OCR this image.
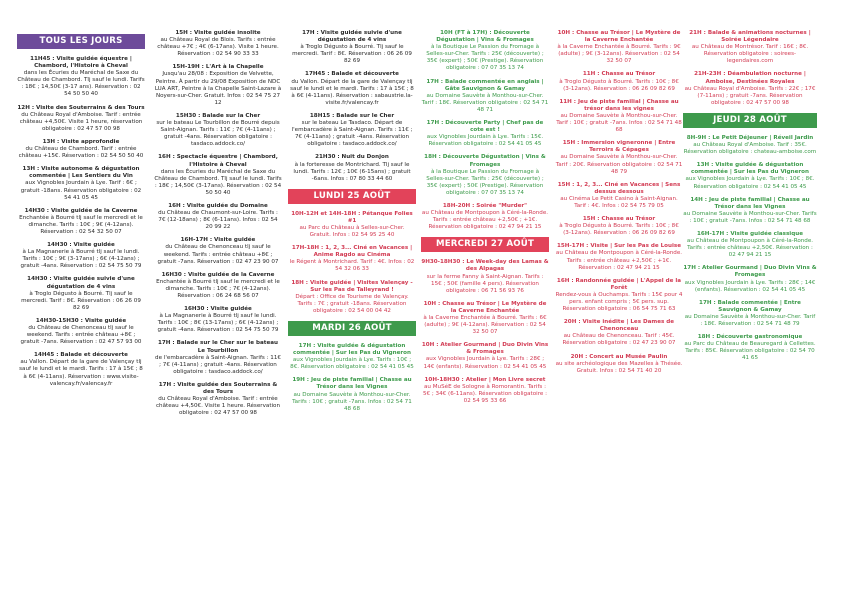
TOUS LES JOURS
11H45 : Visite guidée équestre | Chambord, l'Histoire à Cheval
dans les Écuries du Maréchal de Saxe du Château de Chambord. Tlj sauf le lundi. Tarifs : 18€ ; 14,50€ (3-17 ans). Réservation : 02 54 50 50 40
12H : Visite des Souterrains & des Tours
du Château Royal d'Amboise. Tarif : entrée château +4,50€. Visite 1 heure, réservation obligatoire : 02 47 57 00 98
13H : Visite approfondie
du Château de Chambord. Tarif : entrée château +15€. Réservation : 02 54 50 50 40
13H : Visite autonome & dégustation commentée | Les Sentiers du Vin
aux Vignobles Jourdain à Lye. Tarif : 6€ ; gratuit -18ans. Réservation obligatoire : 02 54 41 05 45
14H30 : Visite guidée de la Caverne
Enchantée à Bourré tlj sauf le mercredi et le dimanche. Tarifs : 10€ ; 9€ (4-12ans). Réservation : 02 54 32 50 07
14H30 : Visite guidée
à La Magnanerie à Bourré tlj sauf le lundi. Tarifs : 10€ ; 9€ (3-17ans) ; 6€ (4-12ans) ; gratuit -4ans. Réservation : 02 54 75 50 79
14H30 : Visite guidée suivie d'une dégustation de 4 vins
à Troglo Dégusto à Bourré. Tlj sauf le mercredi. Tarif : 8€. Réservation : 06 26 09 82 69
14H30-15H30 : Visite guidée
du Château de Chenonceau tlj sauf le weekend. Tarifs : entrée château +8€ ; gratuit -7ans. Réservation : 02 47 57 93 00
14H45 : Balade et découverte
au Vallon. Départ de la gare de Valençay tlj sauf le lundi et le mardi. Tarifs : 17 à 15€ ; 8 à 6€ (4-11ans). Réservation : www.visite-valencay.fr/valencay.fr
15H : Visite guidée insolite
au Château Royal de Blois. Tarifs : entrée château +7€ ; 4€ (6-17ans). Visite 1 heure. Réservation : 02 54 90 33 33
15H-19H : L'Art à la Chapelle
Jusqu'au 28/08 : Exposition de Velvette, Peintre. À partir du 29/08 Exposition de NDC LUA ART, Peintre à la Chapelle Saint-Lazare à Noyers-sur-Cher. Gratuit. Infos : 02 54 75 27 12
15H30 : Balade sur la Cher
sur le bateau Le Tourbillon de Bourré depuis Saint-Aignan. Tarifs : 11€ ; 7€ (4-11ans) ; gratuit -4ans. Réservation obligatoire : tasdaco.addock.co/
16H : Spectacle équestre | Chambord, l'Histoire à Cheval
dans les Écuries du Maréchal de Saxe du Château de Chambord. Tlj sauf le lundi. Tarifs : 18€ ; 14,50€ (3-17ans). Réservation : 02 54 50 50 40
16H : Visite guidée du Domaine
du Château de Chaumont-sur-Loire. Tarifs : 7€ (12-18ans) ; 8€ (6-11ans). Infos : 02 54 20 99 22
16H-17H : Visite guidée
du Château de Chenonceau tlj sauf le weekend. Tarifs : entrée château +8€ ; gratuit -7ans. Réservation : 02 47 23 90 07
16H30 : Visite guidée de la Caverne
Enchantée à Bourré tlj sauf le mercredi et le dimanche. Tarifs : 10€ ; 7€ (4-12ans). Réservation : 06 24 68 56 07
16H30 : Visite guidée
à La Magnanerie à Bourré tlj sauf le lundi. Tarifs : 10€ ; 8€ (13-17ans) ; 6€ (4-12ans) ; gratuit -4ans. Réservation : 02 54 75 50 79
17H : Balade sur le Cher sur le bateau Le Tourbillon
de l'embarcadère à Saint-Aignan. Tarifs : 11€ ; 7€ (4-11ans) ; gratuit -4ans. Réservation obligatoire : tasdaco.addock.co/
17H : Visite guidée des Souterrains & des Tours
du Château Royal d'Amboise. Tarif : entrée château +4,50€. Visite 1 heure. Réservation obligatoire : 02 47 57 00 98
17H : Visite guidée suivie d'une dégustation de 4 vins
à Troglo Dégusto à Bourré. Tlj sauf le mercredi. Tarif : 8€. Réservation : 06 26 09 82 69
17H45 : Balade et découverte
du Vallon. Départ de la gare de Valençay tlj sauf le lundi et le mardi. Tarifs : 17 à 15€ ; 8 à 6€ (4-11ans). Réservation : sabaustrie.la-visite.fr/valencay.fr
18H15 : Balade sur le Cher
sur le bateau Le Tasdaco. Départ de l'embarcadère à Saint-Aignan. Tarifs : 11€ ; 7€ (4-11ans) ; gratuit -4ans. Réservation obligatoire : tasdaco.addock.co/
21H30 : Nuit du Donjon
à la forteresse de Montrichard. Tlj sauf le lundi. Tarifs : 12€ ; 10€ (6-15ans) ; gratuit -6ans. Infos : 07 80 33 44 60
LUNDI 25 AOÛT
10H-12H et 14H-18H : Pétanque Folies #1
au Parc du Château à Selles-sur-Cher. Gratuit. Infos : 02 54 95 25 40
17H-18H : 1, 2, 3... Ciné en Vacances | Anime Ragdo au Cinéma
le Régent à Montrichard. Tarif : 4€. Infos : 02 54 32 06 33
18H : Visite guidée | Visites Valençay - Sur les Pas de Talleyrand !
Départ : Office de Tourisme de Valençay. Tarifs : 7€ ; gratuit -18ans. Réservation obligatoire : 02 54 00 04 42
MARDI 26 AOÛT
17H : Visite guidée & dégustation commentée | Sur les Pas du Vigneron
aux Vignobles Jourdain à Lye. Tarifs : 10€ ; 8€. Réservation obligatoire : 02 54 41 05 45
19H : Jeu de piste familial | Chasse au Trésor dans les Vignes
au Domaine Sauvète à Monthou-sur-Cher. Tarifs : 10€ ; gratuit -7ans. Infos : 02 54 71 48 68
10H (FT à 17H) : Découverte Dégustation | Vins & Fromages
à la Boutique Le Passion du Fromage à Selles-sur-Cher. Tarifs : 25€ (découverte) ; 35€ (expert) ; 50€ (Prestige). Réservation obligatoire : 07 07 35 13 74
17H : Balade commentée en anglais | Gâte Sauvignon & Gamay
au Domaine Sauvète à Monthou-sur-Cher. Tarif : 18€. Réservation obligatoire : 02 54 71 48 71
17H : Découverte Party | Chef pas de cote est !
aux Vignobles Jourdain à Lye. Tarifs : 15€. Réservation obligatoire : 02 54 41 05 45
18H : Découverte Dégustation | Vins & Fromages
à la Boutique Le Passion du Fromage à Selles-sur-Cher. Tarifs : 25€ (découverte) ; 35€ (expert) ; 50€ (Prestige). Réservation obligatoire : 07 07 35 13 74
18H-20H : Soirée "Murder"
au Château de Montpoupon à Céré-la-Ronde. Tarifs : entrée château +2,50€ ; +1€. Réservation obligatoire : 02 47 94 21 15
MERCREDI 27 AOÛT
9H30-18H30 : Le Week-day des Lamas & des Alpagas
sur la ferme Fanny à Saint-Aignan. Tarifs : 15€ ; 50€ (famille 4 pers). Réservation obligatoire : 06 71 56 93 76
10H : Chasse au Trésor | Le Mystère de la Caverne Enchantée
à la Caverne Enchantée à Bourré. Tarifs : 6€ (adulte) ; 9€ (4-12ans). Réservation : 02 54 32 50 07
10H : Atelier Gourmand | Duo Divin Vins & Fromages
aux Vignobles Jourdain à Lye. Tarifs : 28€ ; 14€ (enfants). Réservation : 02 54 41 05 45
10H-18H30 : Atelier | Mon Livre secret
au MuSéE de Sologne à Romorantin. Tarifs : 5€ ; 34€ (6-11ans). Réservation obligatoire : 02 54 95 33 66
10H : Chasse au Trésor | Le Mystère de la Caverne Enchantée
à la Caverne Enchantée à Bourré. Tarifs : 9€ (adulte) ; 9€ (3-12ans). Réservation : 02 54 32 50 07
11H : Chasse au Trésor
à Troglo Dégusto à Bourré. Tarifs : 10€ ; 8€ (3-12ans). Réservation : 06 26 09 82 69
11H : Jeu de piste familial | Chasse au trésor dans les vignes
au Domaine Sauvète à Monthou-sur-Cher. Tarif : 10€ ; gratuit -7ans. Infos : 02 54 71 48 68
15H : Immersion vigneronne | Entre Terroirs & Cépages
au Domaine Sauvète à Monthou-sur-Cher. Tarif : 20€. Réservation obligatoire : 02 54 71 48 79
15H : 1, 2, 3... Ciné en Vacances | Sens dessus dessous
au Cinéma Le Petit Casino à Saint-Aignan. Tarif : 4€. Infos : 02 54 75 79 05
15H : Chasse au Trésor
à Troglo Dégusto à Bourré. Tarifs : 10€ ; 8€ (3-12ans). Réservation : 06 26 09 82 69
15H-17H : Visite | Sur les Pas de Louise
au Château de Montpoupon à Céré-la-Ronde. Tarifs : entrée château +2,50€ ; +1€. Réservation : 02 47 94 21 15
16H : Randonnée guidée | L'Appel de la Forêt
Rendez-vous à Ouchamps. Tarifs : 15€ pour 4 pers. enfant compris ; 5€ pers. sup. Réservation obligatoire : 06 54 75 71 63
20H : Visite inédite | Les Dames de Chenonceau
au Château de Chenonceau. Tarif : 45€. Réservation obligatoire : 02 47 23 90 07
20H : Concert au Musée Paulin
au site archéologique des Mazelles à Thésée. Gratuit. Infos : 02 54 71 40 20
21H : Balade & animations nocturnes | Soirée Légendaire
au Château de Montrésor. Tarif : 16€ ; 8€. Réservation obligatoire : soirees-legendaires.com
21H-23H : Déambulation nocturne | Amboise, Destinées Royales
au Château Royal d'Amboise. Tarifs : 22€ ; 17€ (7-11ans) ; gratuit -7ans. Réservation obligatoire : 02 47 57 00 98
JEUDI 28 AOÛT
8H-9H : Le Petit Déjeuner | Réveil Jardin
au Château Royal d'Amboise. Tarif : 35€. Réservation obligatoire : chateau-amboise.com
13H : Visite guidée & dégustation commentée | Sur les Pas du Vigneron
aux Vignobles Jourdain à Lye. Tarifs : 10€ ; 8€. Réservation obligatoire : 02 54 41 05 45
14H : Jeu de piste familial | Chasse au Trésor dans les Vignes
au Domaine Sauvète à Monthou-sur-Cher. Tarifs : 10€ ; gratuit -7ans. Infos : 02 54 71 48 68
16H-17H : Visite guidée classique
au Château de Montpoupon à Céré-la-Ronde. Tarifs : entrée château +2,50€. Réservation : 02 47 94 21 15
17H : Atelier Gourmand | Duo Divin Vins & Fromages
aux Vignobles Jourdain à Lye. Tarifs : 28€ ; 14€ (enfants). Réservation : 02 54 41 05 45
17H : Balade commentée | Entre Sauvignon & Gamay
au Domaine Sauvète à Monthou-sur-Cher. Tarif : 18€. Réservation : 02 54 71 48 79
18H : Découverte gastronomique
au Parc du Château de Beauregard à Cellettes. Tarifs : 85€. Réservation obligatoire : 02 54 70 41 65
